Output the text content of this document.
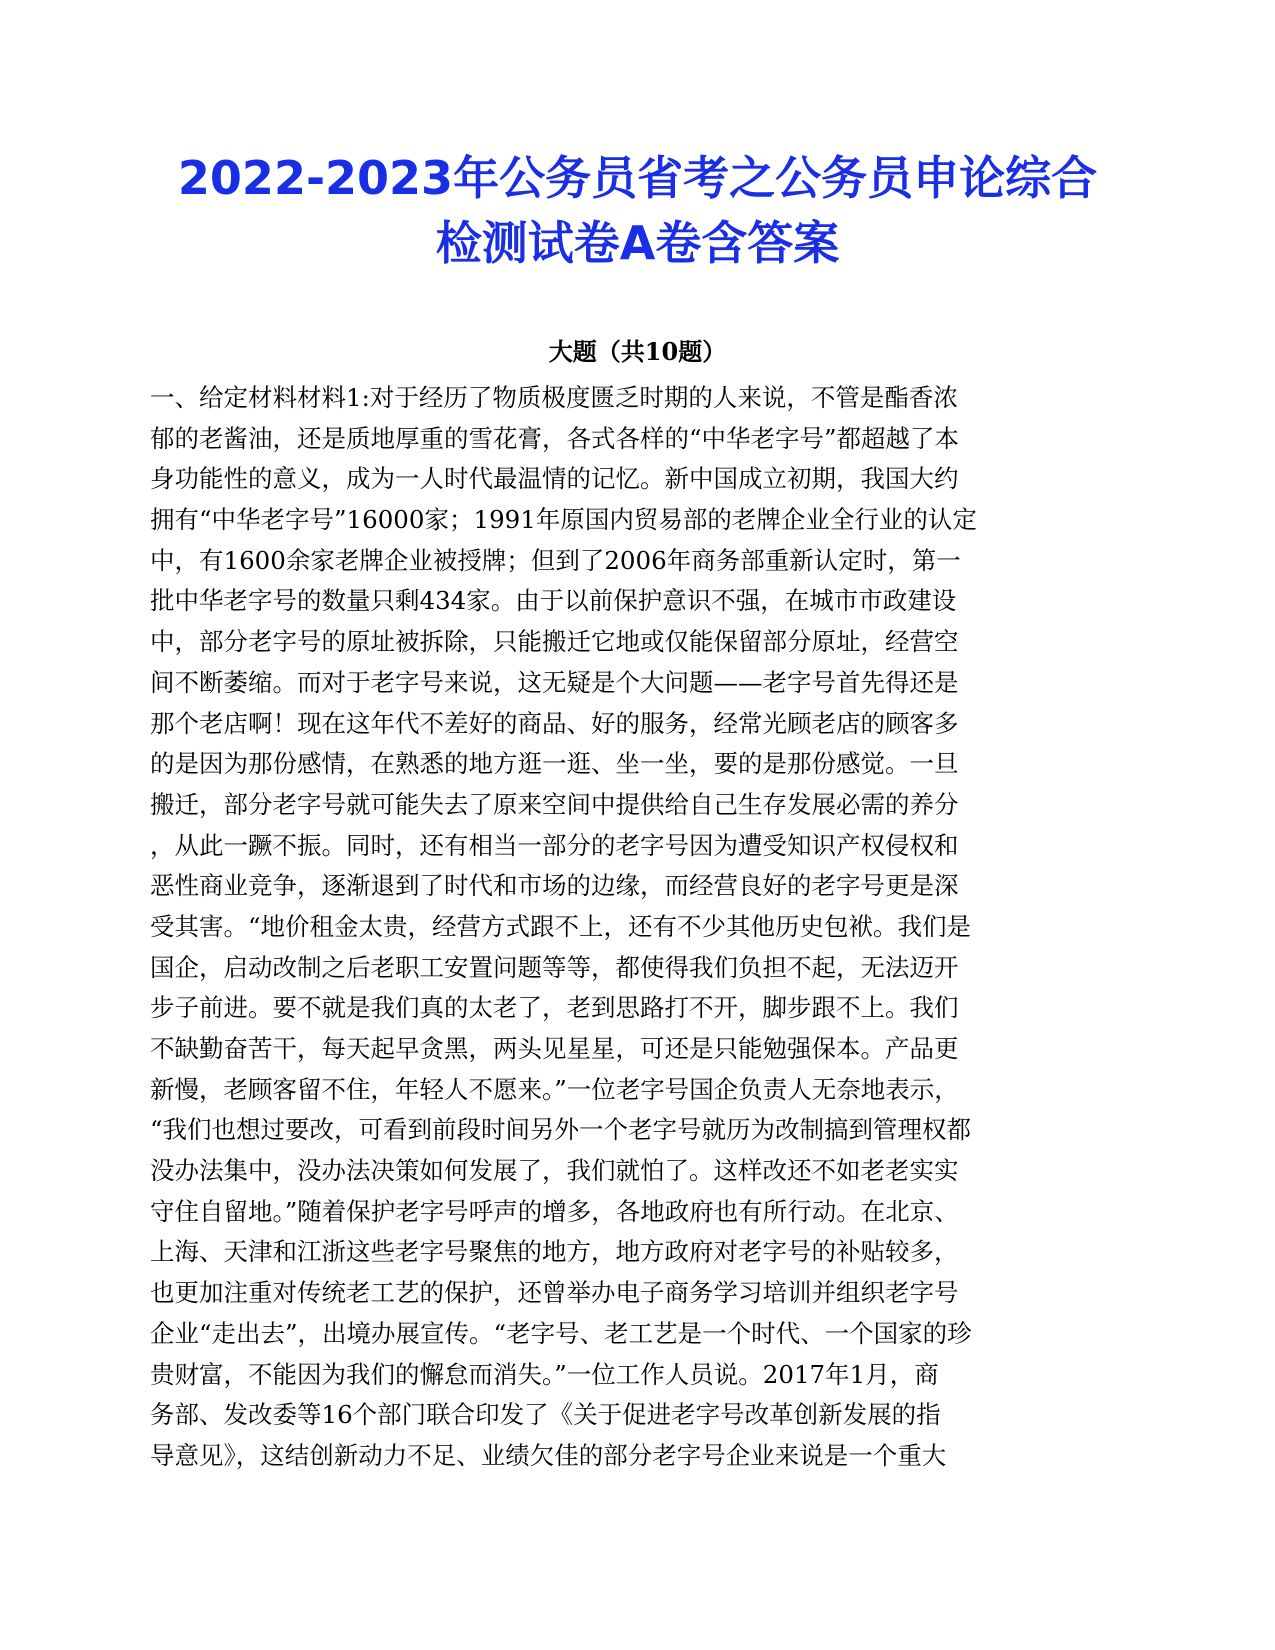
2022-2023年公务员省考之公务员申论综合
检测试卷A卷含答案
大题（共10题）
一、给定材料材料1:对于经历了物质极度匮乏时期的人来说，不管是酯香浓
郁的老酱油，还是质地厚重的雪花膏，各式各样的“中华老字号”都超越了本
身功能性的意义，成为一人时代最温情的记忆。新中国成立初期，我国大约
拥有“中华老字号”16000家；1991年原国内贸易部的老牌企业全行业的认定
中，有1600余家老牌企业被授牌；但到了2006年商务部重新认定时，第一
批中华老字号的数量只剩434家。由于以前保护意识不强，在城市市政建设
中，部分老字号的原址被拆除，只能搬迁它地或仅能保留部分原址，经营空
间不断萎缩。而对于老字号来说，这无疑是个大问题——老字号首先得还是
那个老店啊！现在这年代不差好的商品、好的服务，经常光顾老店的顾客多
的是因为那份感情，在熟悉的地方逛一逛、坐一坐，要的是那份感觉。一旦
搬迁，部分老字号就可能失去了原来空间中提供给自己生存发展必需的养分
，从此一蹶不振。同时，还有相当一部分的老字号因为遭受知识产权侵权和
恶性商业竞争，逐渐退到了时代和市场的边缘，而经营良好的老字号更是深
受其害。“地价租金太贵，经营方式跟不上，还有不少其他历史包袱。我们是
国企，启动改制之后老职工安置问题等等，都使得我们负担不起，无法迈开
步子前进。要不就是我们真的太老了，老到思路打不开，脚步跟不上。我们
不缺勤奋苦干，每天起早贪黑，两头见星星，可还是只能勉强保本。产品更
新慢，老顾客留不住，年轻人不愿来。”一位老字号国企负责人无奈地表示，
“我们也想过要改，可看到前段时间另外一个老字号就历为改制搞到管理权都
没办法集中，没办法决策如何发展了，我们就怕了。这样改还不如老老实实
守住自留地。”随着保护老字号呼声的增多，各地政府也有所行动。在北京、
上海、天津和江浙这些老字号聚焦的地方，地方政府对老字号的补贴较多，
也更加注重对传统老工艺的保护，还曾举办电子商务学习培训并组织老字号
企业“走出去”，出境办展宣传。“老字号、老工艺是一个时代、一个国家的珍
贵财富，不能因为我们的懈怠而消失。”一位工作人员说。2017年1月，商
务部、发改委等16个部门联合印发了《关于促进老字号改革创新发展的指
导意见》，这结创新动力不足、业绩欠佳的部分老字号企业来说是一个重大
